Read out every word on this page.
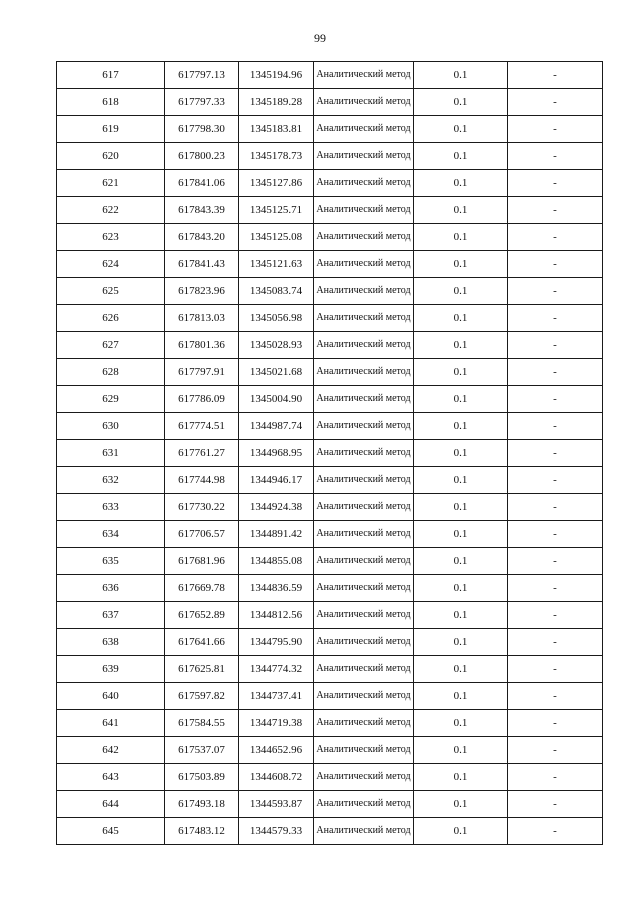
99
617	617797.13	1345194.96	Аналитический метод	0.1	-
618	617797.33	1345189.28	Аналитический метод	0.1	-
619	617798.30	1345183.81	Аналитический метод	0.1	-
620	617800.23	1345178.73	Аналитический метод	0.1	-
621	617841.06	1345127.86	Аналитический метод	0.1	-
622	617843.39	1345125.71	Аналитический метод	0.1	-
623	617843.20	1345125.08	Аналитический метод	0.1	-
624	617841.43	1345121.63	Аналитический метод	0.1	-
625	617823.96	1345083.74	Аналитический метод	0.1	-
626	617813.03	1345056.98	Аналитический метод	0.1	-
627	617801.36	1345028.93	Аналитический метод	0.1	-
628	617797.91	1345021.68	Аналитический метод	0.1	-
629	617786.09	1345004.90	Аналитический метод	0.1	-
630	617774.51	1344987.74	Аналитический метод	0.1	-
631	617761.27	1344968.95	Аналитический метод	0.1	-
632	617744.98	1344946.17	Аналитический метод	0.1	-
633	617730.22	1344924.38	Аналитический метод	0.1	-
634	617706.57	1344891.42	Аналитический метод	0.1	-
635	617681.96	1344855.08	Аналитический метод	0.1	-
636	617669.78	1344836.59	Аналитический метод	0.1	-
637	617652.89	1344812.56	Аналитический метод	0.1	-
638	617641.66	1344795.90	Аналитический метод	0.1	-
639	617625.81	1344774.32	Аналитический метод	0.1	-
640	617597.82	1344737.41	Аналитический метод	0.1	-
641	617584.55	1344719.38	Аналитический метод	0.1	-
642	617537.07	1344652.96	Аналитический метод	0.1	-
643	617503.89	1344608.72	Аналитический метод	0.1	-
644	617493.18	1344593.87	Аналитический метод	0.1	-
645	617483.12	1344579.33	Аналитический метод	0.1	-
